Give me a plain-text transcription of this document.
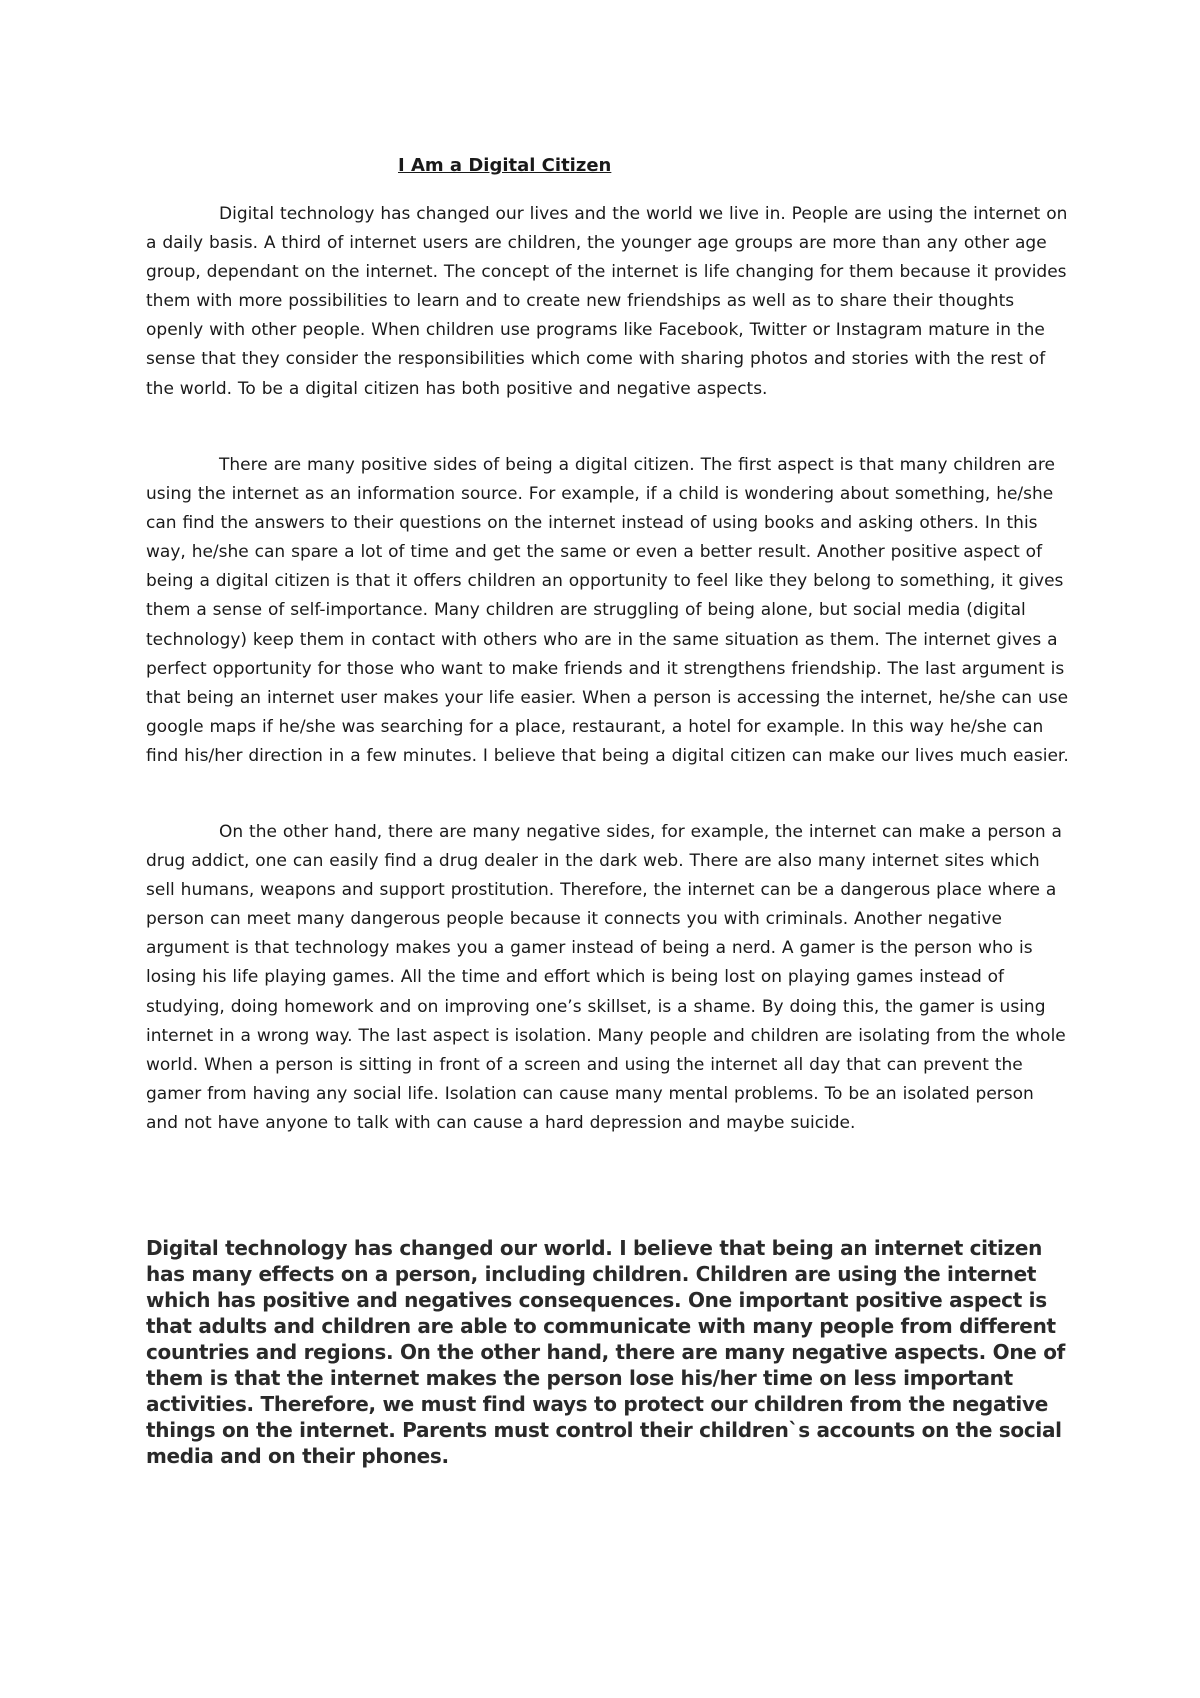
I Am a Digital Citizen

Digital technology has changed our lives and the world we live in. People are using the internet on a daily basis. A third of internet users are children, the younger age groups are more than any other age group, dependant on the internet. The concept of the internet is life changing for them because it provides them with more possibilities to learn and to create new friendships as well as to share their thoughts openly with other people. When children use programs like Facebook, Twitter or Instagram mature in the sense that they consider the responsibilities which come with sharing photos and stories with the rest of the world. To be a digital citizen has both positive and negative aspects.

There are many positive sides of being a digital citizen. The first aspect is that many children are using the internet as an information source. For example, if a child is wondering about something, he/she can find the answers to their questions on the internet instead of using books and asking others. In this way, he/she can spare a lot of time and get the same or even a better result. Another positive aspect of being a digital citizen is that it offers children an opportunity to feel like they belong to something, it gives them a sense of self-importance. Many children are struggling of being alone, but social media (digital technology) keep them in contact with others who are in the same situation as them. The internet gives a perfect opportunity for those who want to make friends and it strengthens friendship. The last argument is that being an internet user makes your life easier. When a person is accessing the internet, he/she can use google maps if he/she was searching for a place, restaurant, a hotel for example. In this way he/she can find his/her direction in a few minutes. I believe that being a digital citizen can make our lives much easier.

On the other hand, there are many negative sides, for example, the internet can make a person a drug addict, one can easily find a drug dealer in the dark web. There are also many internet sites which sell humans, weapons and support prostitution. Therefore, the internet can be a dangerous place where a person can meet many dangerous people because it connects you with criminals. Another negative argument is that technology makes you a gamer instead of being a nerd. A gamer is the person who is losing his life playing games. All the time and effort which is being lost on playing games instead of studying, doing homework and on improving one’s skillset, is a shame. By doing this, the gamer is using internet in a wrong way. The last aspect is isolation. Many people and children are isolating from the whole world. When a person is sitting in front of a screen and using the internet all day that can prevent the gamer from having any social life. Isolation can cause many mental problems. To be an isolated person and not have anyone to talk with can cause a hard depression and maybe suicide.

Digital technology has changed our world. I believe that being an internet citizen has many effects on a person, including children. Children are using the internet which has positive and negatives consequences. One important positive aspect is that adults and children are able to communicate with many people from different countries and regions. On the other hand, there are many negative aspects. One of them is that the internet makes the person lose his/her time on less important activities. Therefore, we must find ways to protect our children from the negative things on the internet. Parents must control their children`s accounts on the social media and on their phones.
